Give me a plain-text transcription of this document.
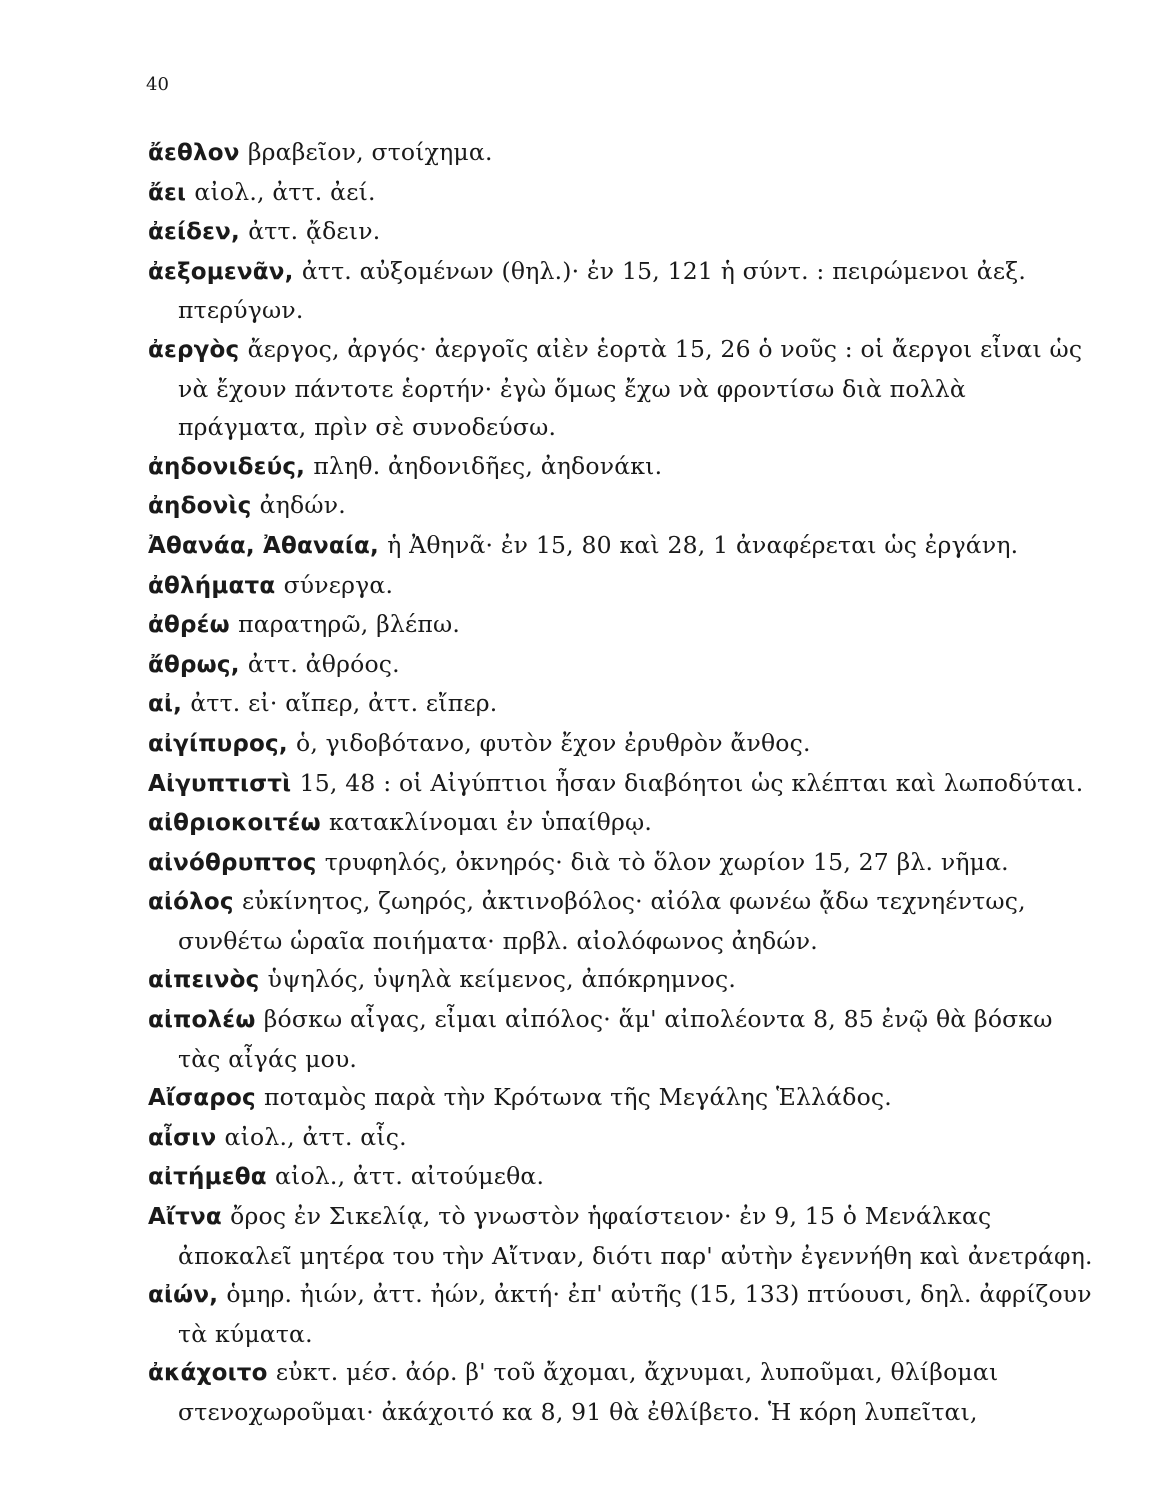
40

ἄεθλον βραβεῖον, στοίχημα.

ἄει αἰολ., ἀττ. ἀεί.

ἀείδεν, ἀττ. ᾄδειν.

ἀεξομενᾶν, ἀττ. αὐξομένων (θηλ.)· ἐν 15, 121 ἡ σύντ. : πειρώμενοι ἀεξ. πτερύγων.

ἀεργὸς ἄεργος, ἀργός· ἀεργοῖς αἰὲν ἑορτὰ 15, 26 ὁ νοῦς : οἱ ἄεργοι εἶναι ὡς νὰ ἔχουν πάντοτε ἑορτήν· ἐγὼ ὅμως ἔχω νὰ φροντίσω διὰ πολλὰ πράγματα, πρὶν σὲ συνοδεύσω.

ἀηδονιδεύς, πληθ. ἀηδονιδῆες, ἀηδονάκι.

ἀηδονὶς ἀηδών.

Ἀθανάα, Ἀθαναία, ἡ Ἀθηνᾶ· ἐν 15, 80 καὶ 28, 1 ἀναφέρεται ὡς ἐργάνη.

ἀθλήματα σύνεργα.

ἀθρέω παρατηρῶ, βλέπω.

ἄθρως, ἀττ. ἀθρόος.

αἰ, ἀττ. εἰ· αἴπερ, ἀττ. εἴπερ.

αἰγίπυρος, ὁ, γιδοβότανο, φυτὸν ἔχον ἐρυθρὸν ἄνθος.

Αἰγυπτιστὶ 15, 48 : οἱ Αἰγύπτιοι ἦσαν διαβόητοι ὡς κλέπται καὶ λωποδύται.

αἰθριοκοιτέω κατακλίνομαι ἐν ὑπαίθρῳ.

αἰνόθρυπτος τρυφηλός, ὀκνηρός· διὰ τὸ ὅλον χωρίον 15, 27 βλ. νῆμα.

αἰόλος εὐκίνητος, ζωηρός, ἀκτινοβόλος· αἰόλα φωνέω ᾄδω τεχνηέντως, συνθέτω ὡραῖα ποιήματα· πρβλ. αἰολόφωνος ἀηδών.

αἰπεινὸς ὑψηλός, ὑψηλὰ κείμενος, ἀπόκρημνος.

αἰπολέω βόσκω αἶγας, εἶμαι αἰπόλος· ἅμ' αἰπολέοντα 8, 85 ἐνῷ θὰ βόσκω τὰς αἶγάς μου.

Αἴσαρος ποταμὸς παρὰ τὴν Κρότωνα τῆς Μεγάλης Ἑλλάδος.

αἶσιν αἰολ., ἀττ. αἷς.

αἰτήμεθα αἰολ., ἀττ. αἰτούμεθα.

Αἴτνα ὄρος ἐν Σικελίᾳ, τὸ γνωστὸν ἡφαίστειον· ἐν 9, 15 ὁ Μενάλκας ἀποκαλεῖ μητέρα του τὴν Αἴτναν, διότι παρ' αὐτὴν ἐγεννήθη καὶ ἀνετράφη.

αἰών, ὁμηρ. ἠιών, ἀττ. ἠών, ἀκτή· ἐπ' αὐτῆς (15, 133) πτύουσι, δηλ. ἀφρίζουν τὰ κύματα.

ἀκάχοιτο εὐκτ. μέσ. ἀόρ. β' τοῦ ἄχομαι, ἄχνυμαι, λυποῦμαι, θλίβομαι στενοχωροῦμαι· ἀκάχοιτό κα 8, 91 θὰ ἐθλίβετο. Ἡ κόρη λυπεῖται,
